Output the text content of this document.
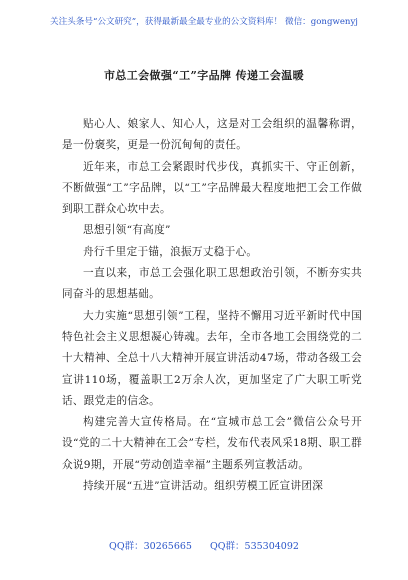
关注头条号“公文研究”，获得最新最全最专业的公文资料库！ 微信：gongwenyj
市总工会做强“工”字品牌 传递工会温暖

贴心人、娘家人、知心人，这是对工会组织的温馨称谓，是一份褒奖，更是一份沉甸甸的责任。

近年来，市总工会紧跟时代步伐，真抓实干、守正创新，不断做强“工”字品牌，以“工”字品牌最大程度地把工会工作做到职工群众心坎中去。

思想引领“有高度”

舟行千里定于锚，浪振万丈稳于心。

一直以来，市总工会强化职工思想政治引领，不断夯实共同奋斗的思想基础。

大力实施“思想引领”工程，坚持不懈用习近平新时代中国特色社会主义思想凝心铸魂。去年，全市各地工会围绕党的二十大精神、全总十八大精神开展宣讲活动47场，带动各级工会宣讲110场，覆盖职工2万余人次，更加坚定了广大职工听党话、跟党走的信念。

构建完善大宣传格局。在“宣城市总工会”微信公众号开设“党的二十大精神在工会”专栏，发布代表风采18期、职工群众说9期，开展“劳动创造幸福”主题系列宣教活动。

持续开展“五进”宣讲活动。组织劳模工匠宣讲团深

QQ群：30265665 QQ群：535304092
